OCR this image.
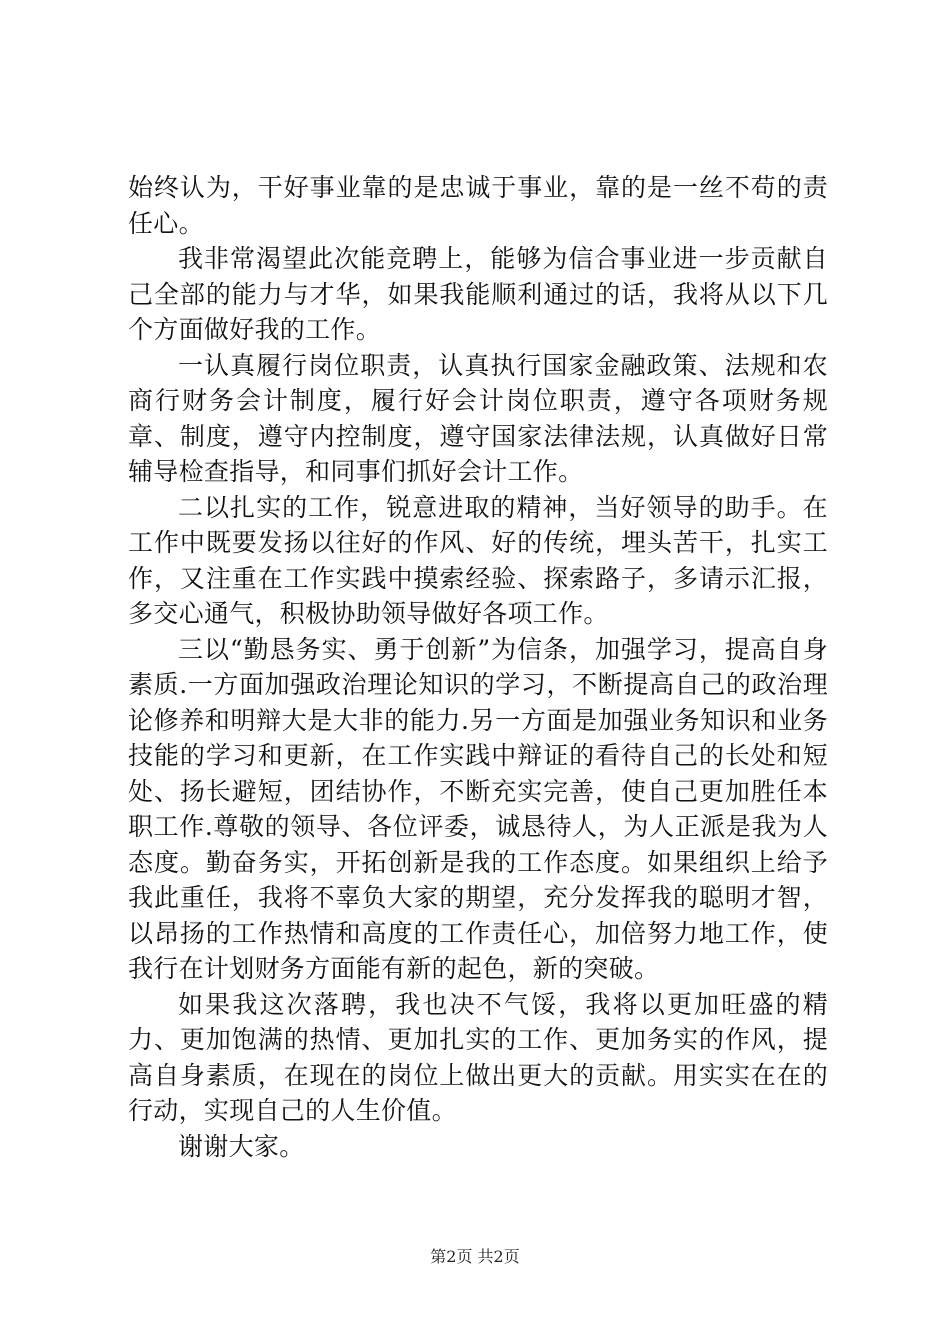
始终认为，干好事业靠的是忠诚于事业，靠的是一丝不苟的责任心。

我非常渴望此次能竞聘上，能够为信合事业进一步贡献自己全部的能力与才华，如果我能顺利通过的话，我将从以下几个方面做好我的工作。

一认真履行岗位职责，认真执行国家金融政策、法规和农商行财务会计制度，履行好会计岗位职责，遵守各项财务规章、制度，遵守内控制度，遵守国家法律法规，认真做好日常辅导检查指导，和同事们抓好会计工作。

二以扎实的工作，锐意进取的精神，当好领导的助手。在工作中既要发扬以往好的作风、好的传统，埋头苦干，扎实工作，又注重在工作实践中摸索经验、探索路子，多请示汇报，多交心通气，积极协助领导做好各项工作。

三以“勤恳务实、勇于创新”为信条，加强学习，提高自身素质.一方面加强政治理论知识的学习，不断提高自己的政治理论修养和明辩大是大非的能力.另一方面是加强业务知识和业务技能的学习和更新，在工作实践中辩证的看待自己的长处和短处、扬长避短，团结协作，不断充实完善，使自己更加胜任本职工作.尊敬的领导、各位评委，诚恳待人，为人正派是我为人态度。勤奋务实，开拓创新是我的工作态度。如果组织上给予我此重任，我将不辜负大家的期望，充分发挥我的聪明才智，以昂扬的工作热情和高度的工作责任心，加倍努力地工作，使我行在计划财务方面能有新的起色，新的突破。

如果我这次落聘，我也决不气馁，我将以更加旺盛的精力、更加饱满的热情、更加扎实的工作、更加务实的作风，提高自身素质，在现在的岗位上做出更大的贡献。用实实在在的行动，实现自己的人生价值。

谢谢大家。

第2页 共2页
